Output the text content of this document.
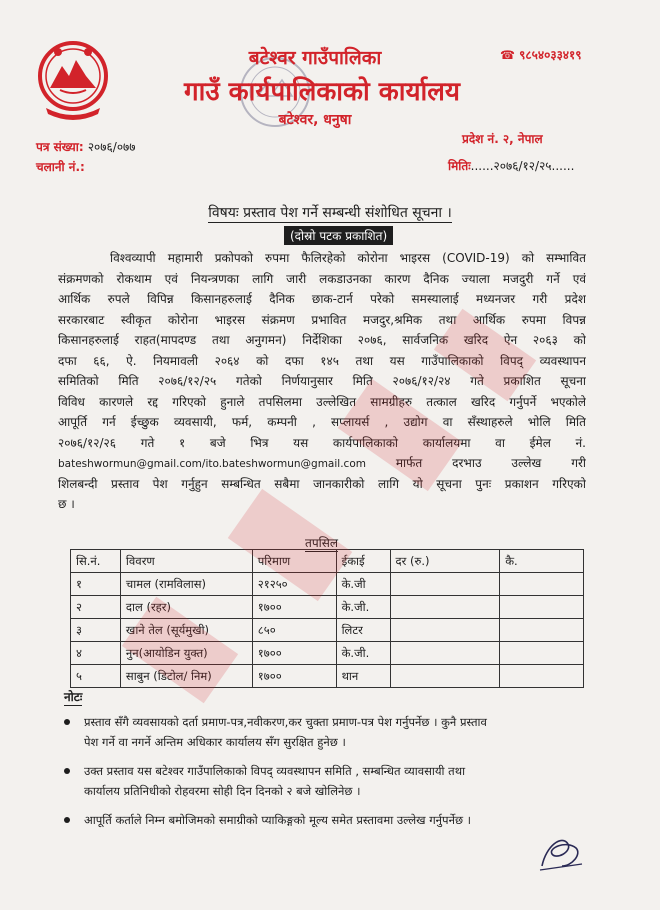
बटेश्वर गाउँपालिका
गाउँ कार्यपालिकाको कार्यालय
बटेश्वर, धनुषा
☎ ९८५४०३३४१९
प्रदेश नं. २, नेपाल
पत्र संख्या: २०७६/०७७
चलानी नं.:	मितिः......२०७६/१२/२५......
विषयः प्रस्ताव पेश गर्ने सम्बन्धी संशोधित सूचना ।
(दोस्रो पटक प्रकाशित)
विश्वव्यापी महामारी प्रकोपको रुपमा फैलिरहेको कोरोना भाइरस (COVID-19) को सम्भावित
संक्रमणको रोकथाम एवं नियन्त्रणका लागि जारी लकडाउनका कारण दैनिक ज्याला मजदुरी गर्ने एवं
आर्थिक रुपले विपिन्न किसानहरुलाई दैनिक छाक-टार्न परेको समस्यालाई मध्यनजर गरी प्रदेश
सरकारबाट स्वीकृत कोरोना भाइरस संक्रमण प्रभावित मजदुर,श्रमिक तथा आर्थिक रुपमा विपन्न
किसानहरुलाई राहत(मापदण्ड तथा अनुगमन) निर्देशिका २०७६, सार्वजनिक खरिद ऐन २०६३ को
दफा ६६, ऐ. नियमावली २०६४ को दफा १४५ तथा यस गाउँपालिकाको विपद् व्यवस्थापन
समितिको मिति २०७६/१२/२५ गतेको निर्णयानुसार मिति २०७६/१२/२४ गते प्रकाशित सूचना
विविध कारणले रद्द गरिएको हुनाले तपसिलमा उल्लेखित सामग्रीहरु तत्काल खरिद गर्नुपर्ने भएकोले
आपूर्ति गर्न ईच्छुक व्यवसायी, फर्म, कम्पनी , सप्लायर्स , उद्योग वा सँस्थाहरुले भोलि मिति
२०७६/१२/२६ गते १ बजे भित्र यस कार्यपालिकाको कार्यालयमा वा ईमेल नं.
bateshwormun@gmail.com/ito.bateshwormun@gmail.com मार्फत दरभाउ उल्लेख गरी
शिलबन्दी प्रस्ताव पेश गर्नुहुन सम्बन्धित सबैमा जानकारीको लागि यो सूचना पुनः प्रकाशन गरिएको
छ ।
तपसिल
सि.नं.	विवरण	परिमाण	ईकाई	दर (रु.)	कै.
१	चामल (रामविलास)	२१२५०	के.जी		
२	दाल (रहर)	१७००	के.जी.		
३	खाने तेल (सूर्यमुखी)	८५०	लिटर		
४	नुन(आयोडिन युक्त)	१७००	के.जी.		
५	साबुन (डिटोल/ निम)	१७००	थान		
नोटः
प्रस्ताव सँगै व्यवसायको दर्ता प्रमाण-पत्र,नवीकरण,कर चुक्ता प्रमाण-पत्र पेश गर्नुपर्नेछ । कुनै प्रस्ताव
पेश गर्ने वा नगर्ने अन्तिम अधिकार कार्यालय सँग सुरक्षित हुनेछ ।
उक्त प्रस्ताव यस बटेश्वर गाउँपालिकाको विपद् व्यवस्थापन समिति , सम्बन्धित व्यावसायी तथा
कार्यालय प्रतिनिधीको रोहवरमा सोही दिन दिनको २ बजे खोलिनेछ ।
आपूर्ति कर्ताले निम्न बमोजिमको समाग्रीको प्याकिङ्गको मूल्य समेत प्रस्तावमा उल्लेख गर्नुपर्नेछ ।
